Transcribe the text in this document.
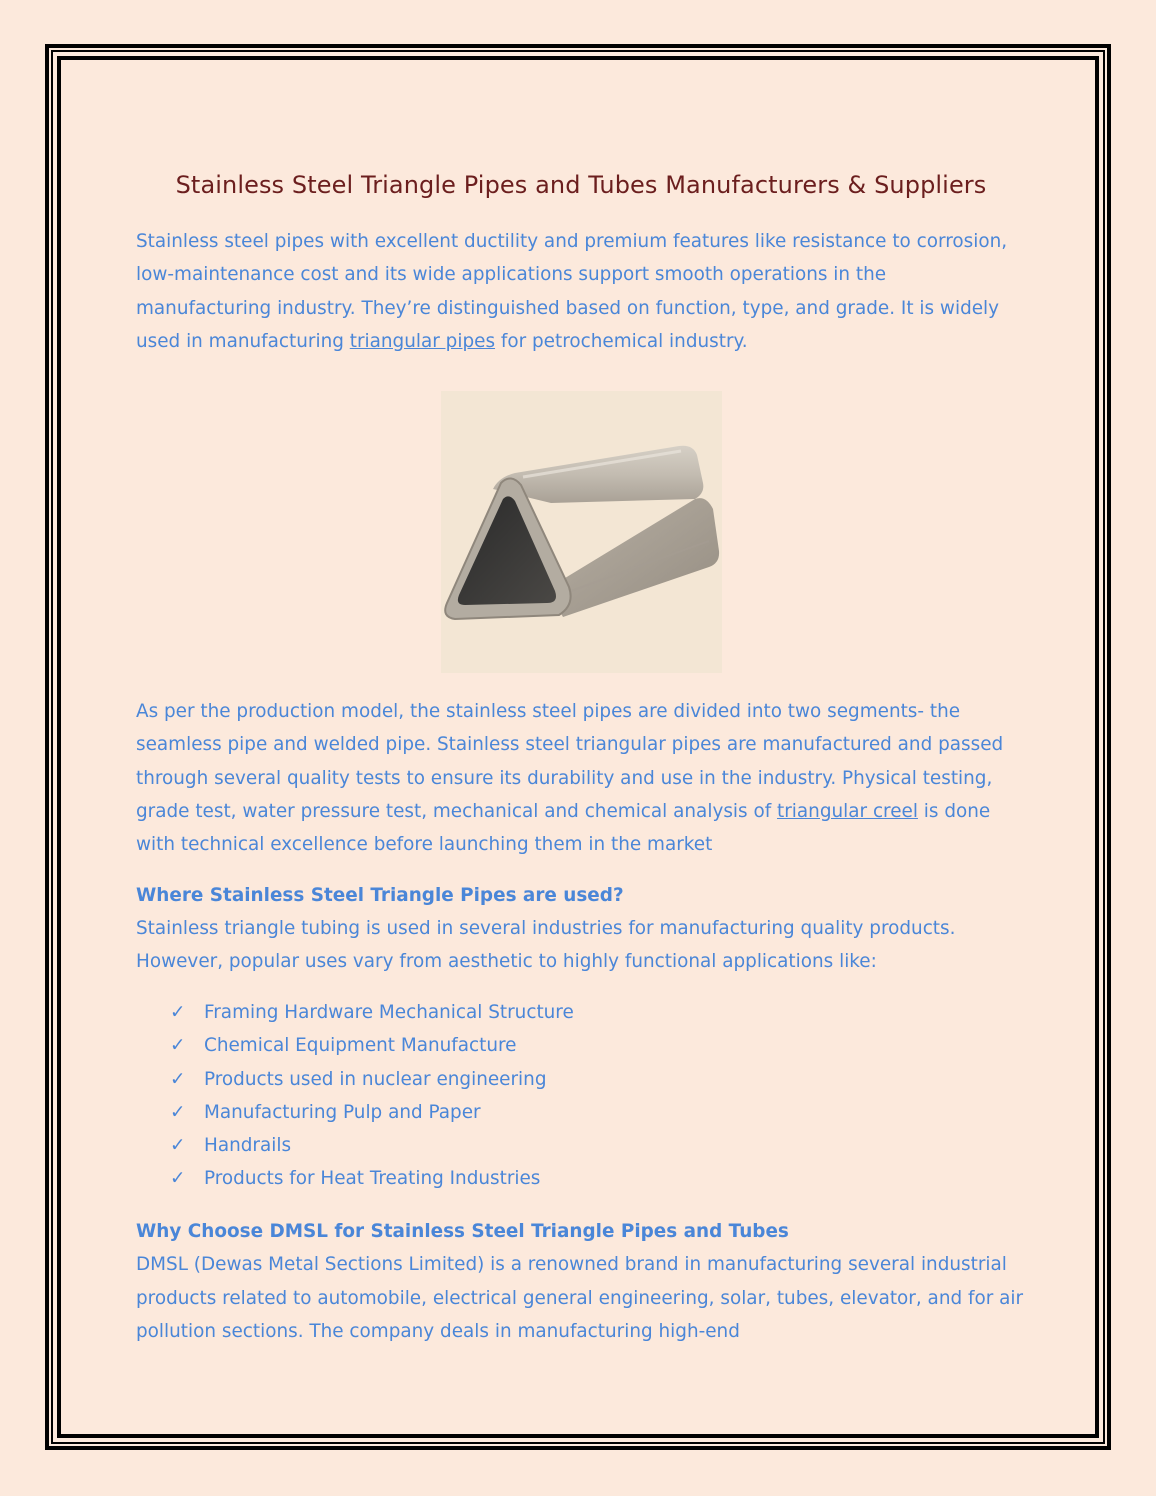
Stainless Steel Triangle Pipes and Tubes Manufacturers & Suppliers

Stainless steel pipes with excellent ductility and premium features like resistance to corrosion, low-maintenance cost and its wide applications support smooth operations in the manufacturing industry. They’re distinguished based on function, type, and grade. It is widely used in manufacturing triangular pipes for petrochemical industry.

As per the production model, the stainless steel pipes are divided into two segments- the seamless pipe and welded pipe. Stainless steel triangular pipes are manufactured and passed through several quality tests to ensure its durability and use in the industry. Physical testing, grade test, water pressure test, mechanical and chemical analysis of triangular creel is done with technical excellence before launching them in the market

Where Stainless Steel Triangle Pipes are used?

Stainless triangle tubing is used in several industries for manufacturing quality products. However, popular uses vary from aesthetic to highly functional applications like:

✓	Framing Hardware Mechanical Structure
✓	Chemical Equipment Manufacture
✓	Products used in nuclear engineering
✓	Manufacturing Pulp and Paper
✓	Handrails
✓	Products for Heat Treating Industries
Why Choose DMSL for Stainless Steel Triangle Pipes and Tubes

DMSL (Dewas Metal Sections Limited) is a renowned brand in manufacturing several industrial products related to automobile, electrical general engineering, solar, tubes, elevator, and for air pollution sections. The company deals in manufacturing high-end
